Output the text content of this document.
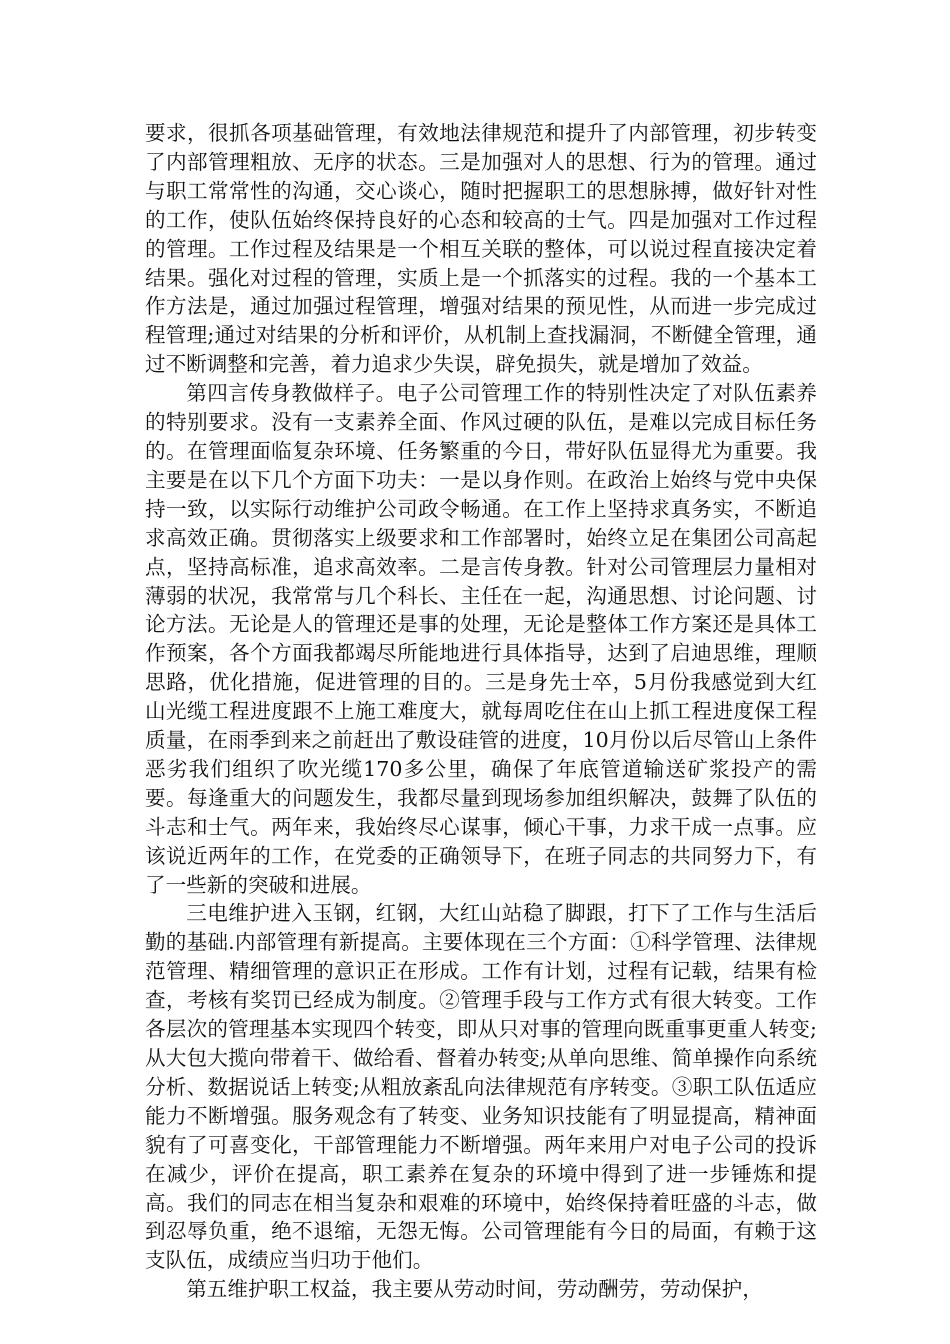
要求，很抓各项基础管理，有效地法律规范和提升了内部管理，初步转变了内部管理粗放、无序的状态。三是加强对人的思想、行为的管理。通过与职工常常性的沟通，交心谈心，随时把握职工的思想脉搏，做好针对性的工作，使队伍始终保持良好的心态和较高的士气。四是加强对工作过程的管理。工作过程及结果是一个相互关联的整体，可以说过程直接决定着结果。强化对过程的管理，实质上是一个抓落实的过程。我的一个基本工作方法是，通过加强过程管理，增强对结果的预见性，从而进一步完成过程管理;通过对结果的分析和评价，从机制上查找漏洞，不断健全管理，通过不断调整和完善，着力追求少失误，辟免损失，就是增加了效益。

第四言传身教做样子。电子公司管理工作的特别性决定了对队伍素养的特别要求。没有一支素养全面、作风过硬的队伍，是难以完成目标任务的。在管理面临复杂环境、任务繁重的今日，带好队伍显得尤为重要。我主要是在以下几个方面下功夫：一是以身作则。在政治上始终与党中央保持一致，以实际行动维护公司政令畅通。在工作上坚持求真务实，不断追求高效正确。贯彻落实上级要求和工作部署时，始终立足在集团公司高起点，坚持高标准，追求高效率。二是言传身教。针对公司管理层力量相对薄弱的状况，我常常与几个科长、主任在一起，沟通思想、讨论问题、讨论方法。无论是人的管理还是事的处理，无论是整体工作方案还是具体工作预案，各个方面我都竭尽所能地进行具体指导，达到了启迪思维，理顺思路，优化措施，促进管理的目的。三是身先士卒，5月份我感觉到大红山光缆工程进度跟不上施工难度大，就每周吃住在山上抓工程进度保工程质量，在雨季到来之前赶出了敷设硅管的进度，10月份以后尽管山上条件恶劣我们组织了吹光缆170多公里，确保了年底管道输送矿浆投产的需要。每逢重大的问题发生，我都尽量到现场参加组织解决，鼓舞了队伍的斗志和士气。两年来，我始终尽心谋事，倾心干事，力求干成一点事。应该说近两年的工作，在党委的正确领导下，在班子同志的共同努力下，有了一些新的突破和进展。

三电维护进入玉钢，红钢，大红山站稳了脚跟，打下了工作与生活后勤的基础.内部管理有新提高。主要体现在三个方面：①科学管理、法律规范管理、精细管理的意识正在形成。工作有计划，过程有记载，结果有检查，考核有奖罚已经成为制度。②管理手段与工作方式有很大转变。工作各层次的管理基本实现四个转变，即从只对事的管理向既重事更重人转变;从大包大揽向带着干、做给看、督着办转变;从单向思维、简单操作向系统分析、数据说话上转变;从粗放紊乱向法律规范有序转变。③职工队伍适应能力不断增强。服务观念有了转变、业务知识技能有了明显提高，精神面貌有了可喜变化，干部管理能力不断增强。两年来用户对电子公司的投诉在减少，评价在提高，职工素养在复杂的环境中得到了进一步锤炼和提高。我们的同志在相当复杂和艰难的环境中，始终保持着旺盛的斗志，做到忍辱负重，绝不退缩，无怨无悔。公司管理能有今日的局面，有赖于这支队伍，成绩应当归功于他们。

第五维护职工权益，我主要从劳动时间，劳动酬劳，劳动保护，
